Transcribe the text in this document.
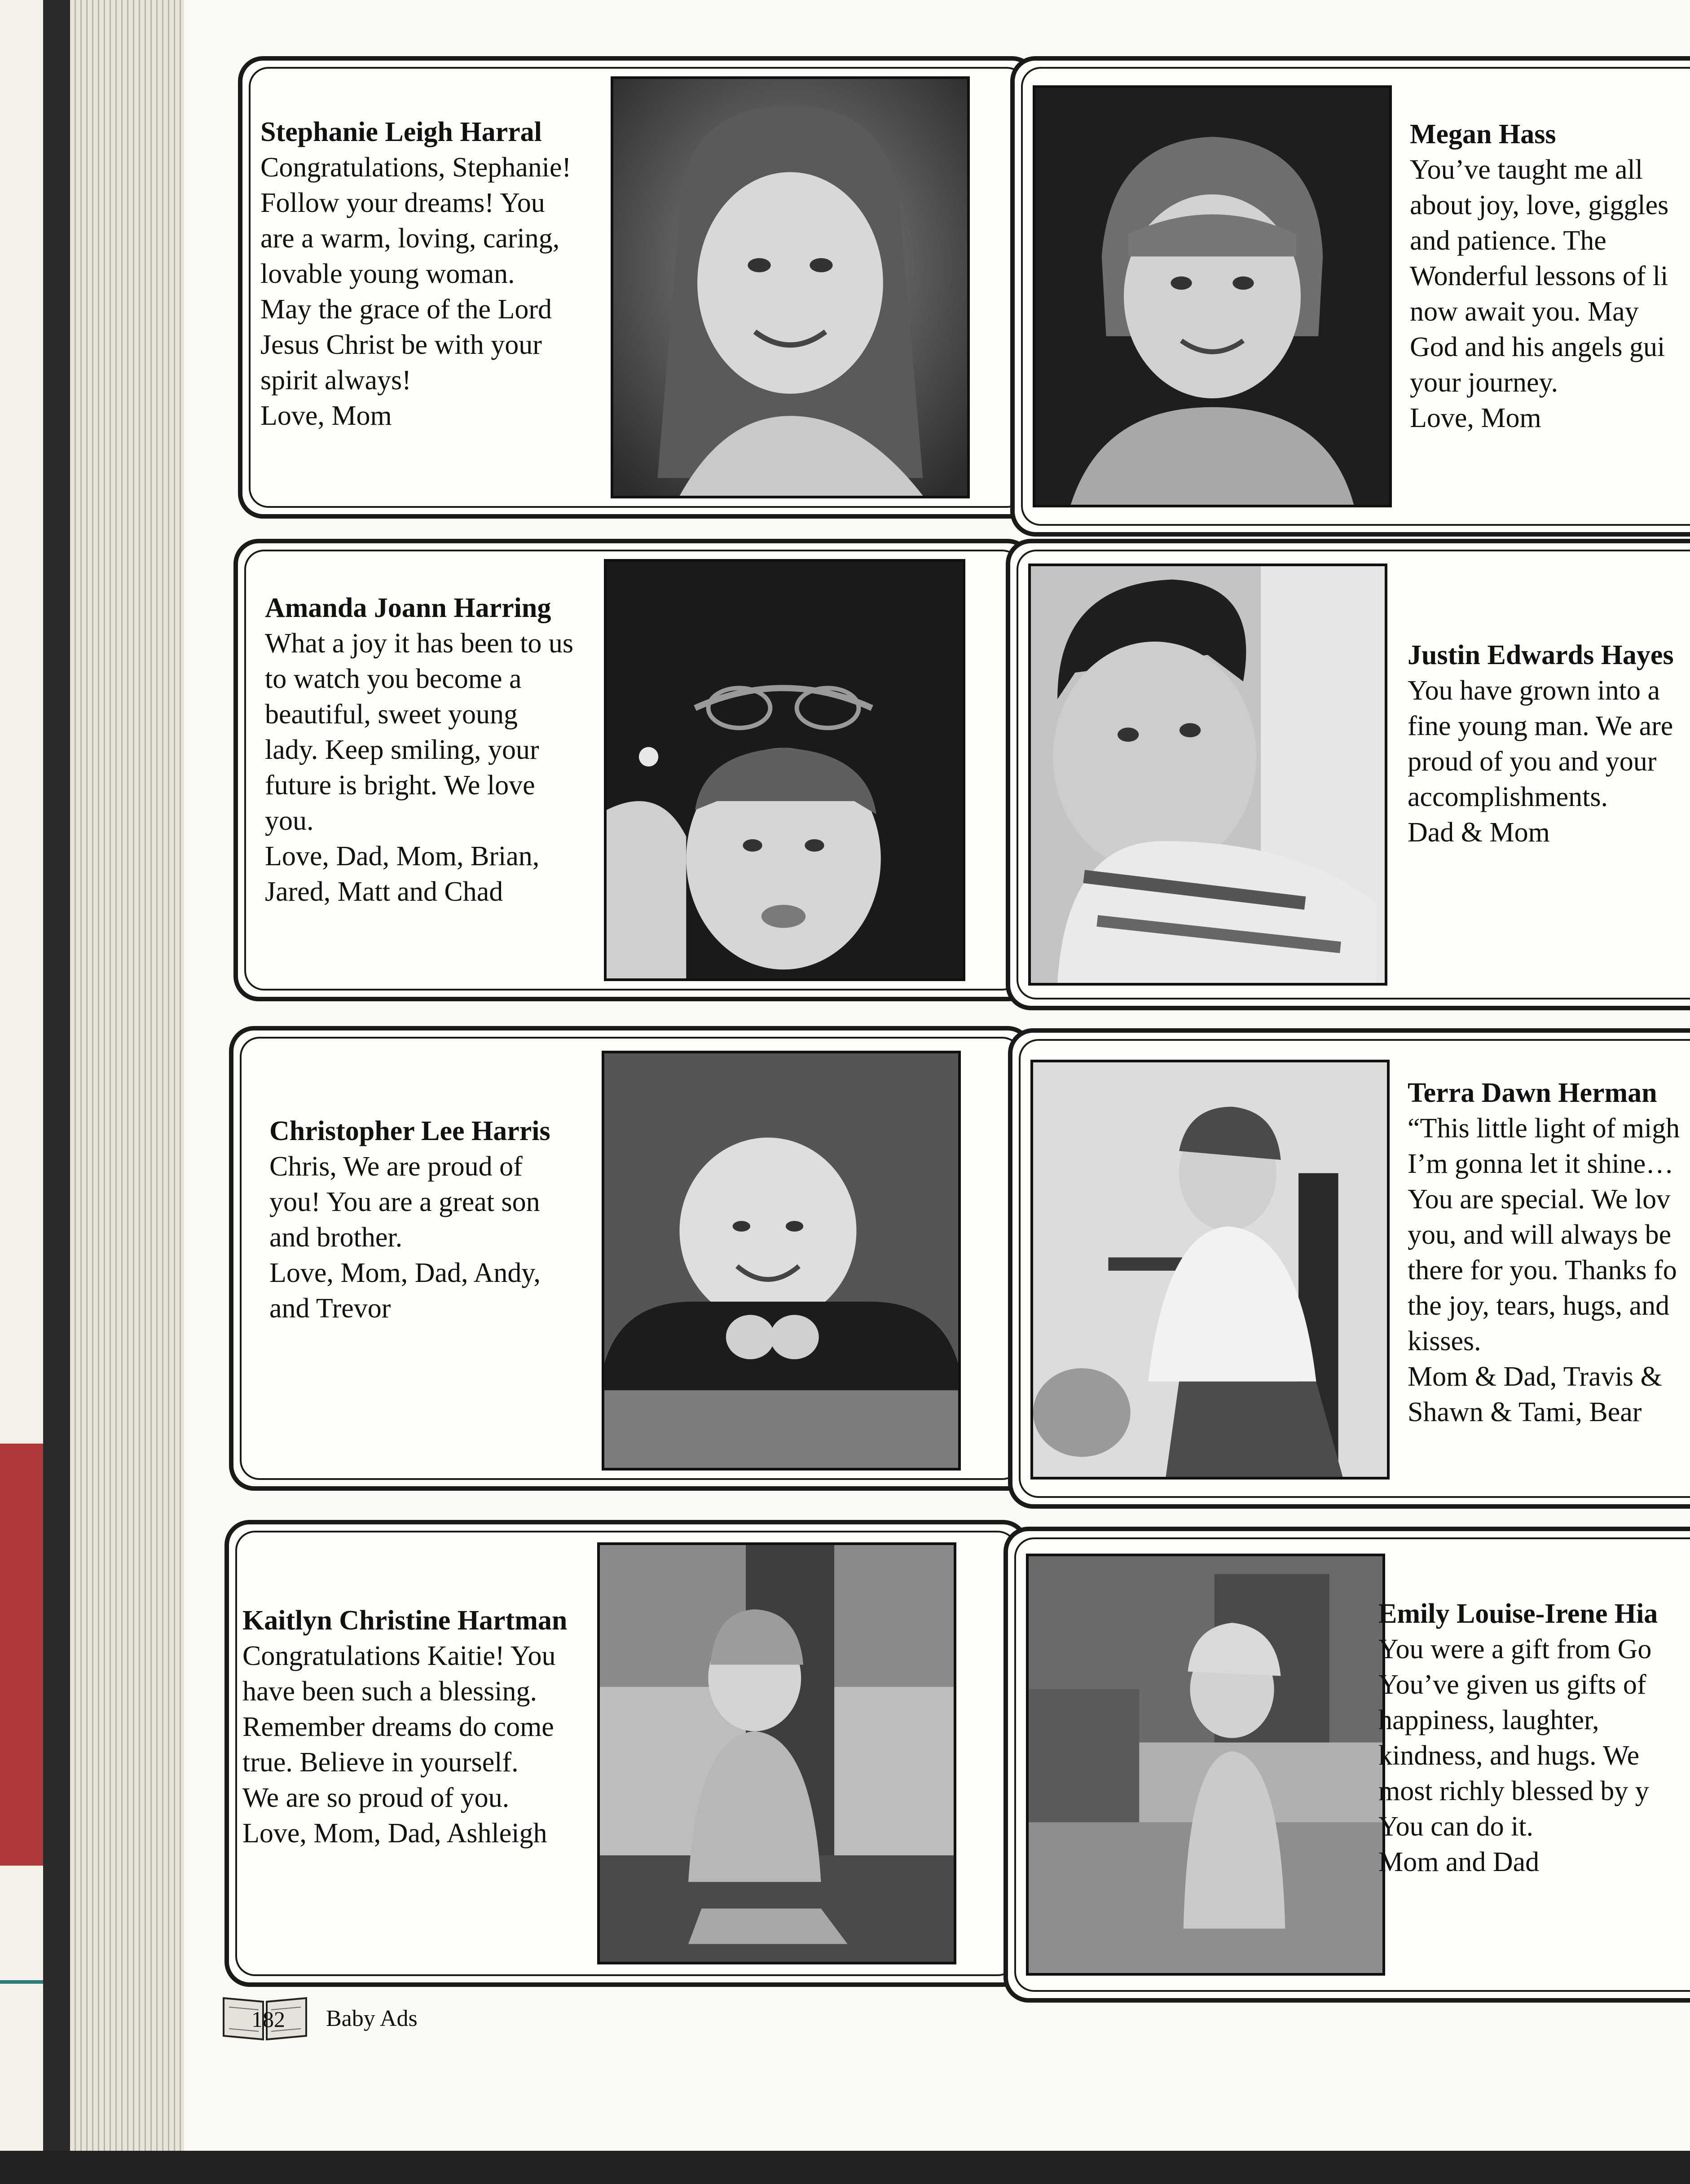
Stephanie Leigh Harral
Congratulations, Stephanie!
Follow your dreams! You
are a warm, loving, caring,
lovable young woman.
May the grace of the Lord
Jesus Christ be with your
spirit always!
Love, Mom
Megan Hass
You’ve taught me all
about joy, love, giggles
and patience. The
Wonderful lessons of li
now await you. May
God and his angels gui
your journey.
Love, Mom
Amanda Joann Harring
What a joy it has been to us
to watch you become a
beautiful, sweet young
lady. Keep smiling, your
future is bright. We love
you.
Love, Dad, Mom, Brian,
Jared, Matt and Chad
Justin Edwards Hayes
You have grown into a
fine young man. We are
proud of you and your
accomplishments.
Dad & Mom
Christopher Lee Harris
Chris, We are proud of
you! You are a great son
and brother.
Love, Mom, Dad, Andy,
and Trevor
Terra Dawn Herman
“This little light of migh
I’m gonna let it shine…
You are special. We lov
you, and will always be
there for you. Thanks fo
the joy, tears, hugs, and
kisses.
Mom & Dad, Travis &
Shawn & Tami, Bear
Kaitlyn Christine Hartman
Congratulations Kaitie! You
have been such a blessing.
Remember dreams do come
true. Believe in yourself.
We are so proud of you.
Love, Mom, Dad, Ashleigh
Emily Louise-Irene Hia
You were a gift from Go
You’ve given us gifts of
happiness, laughter,
kindness, and hugs. We
most richly blessed by y
You can do it.
Mom and Dad
182 Baby Ads
